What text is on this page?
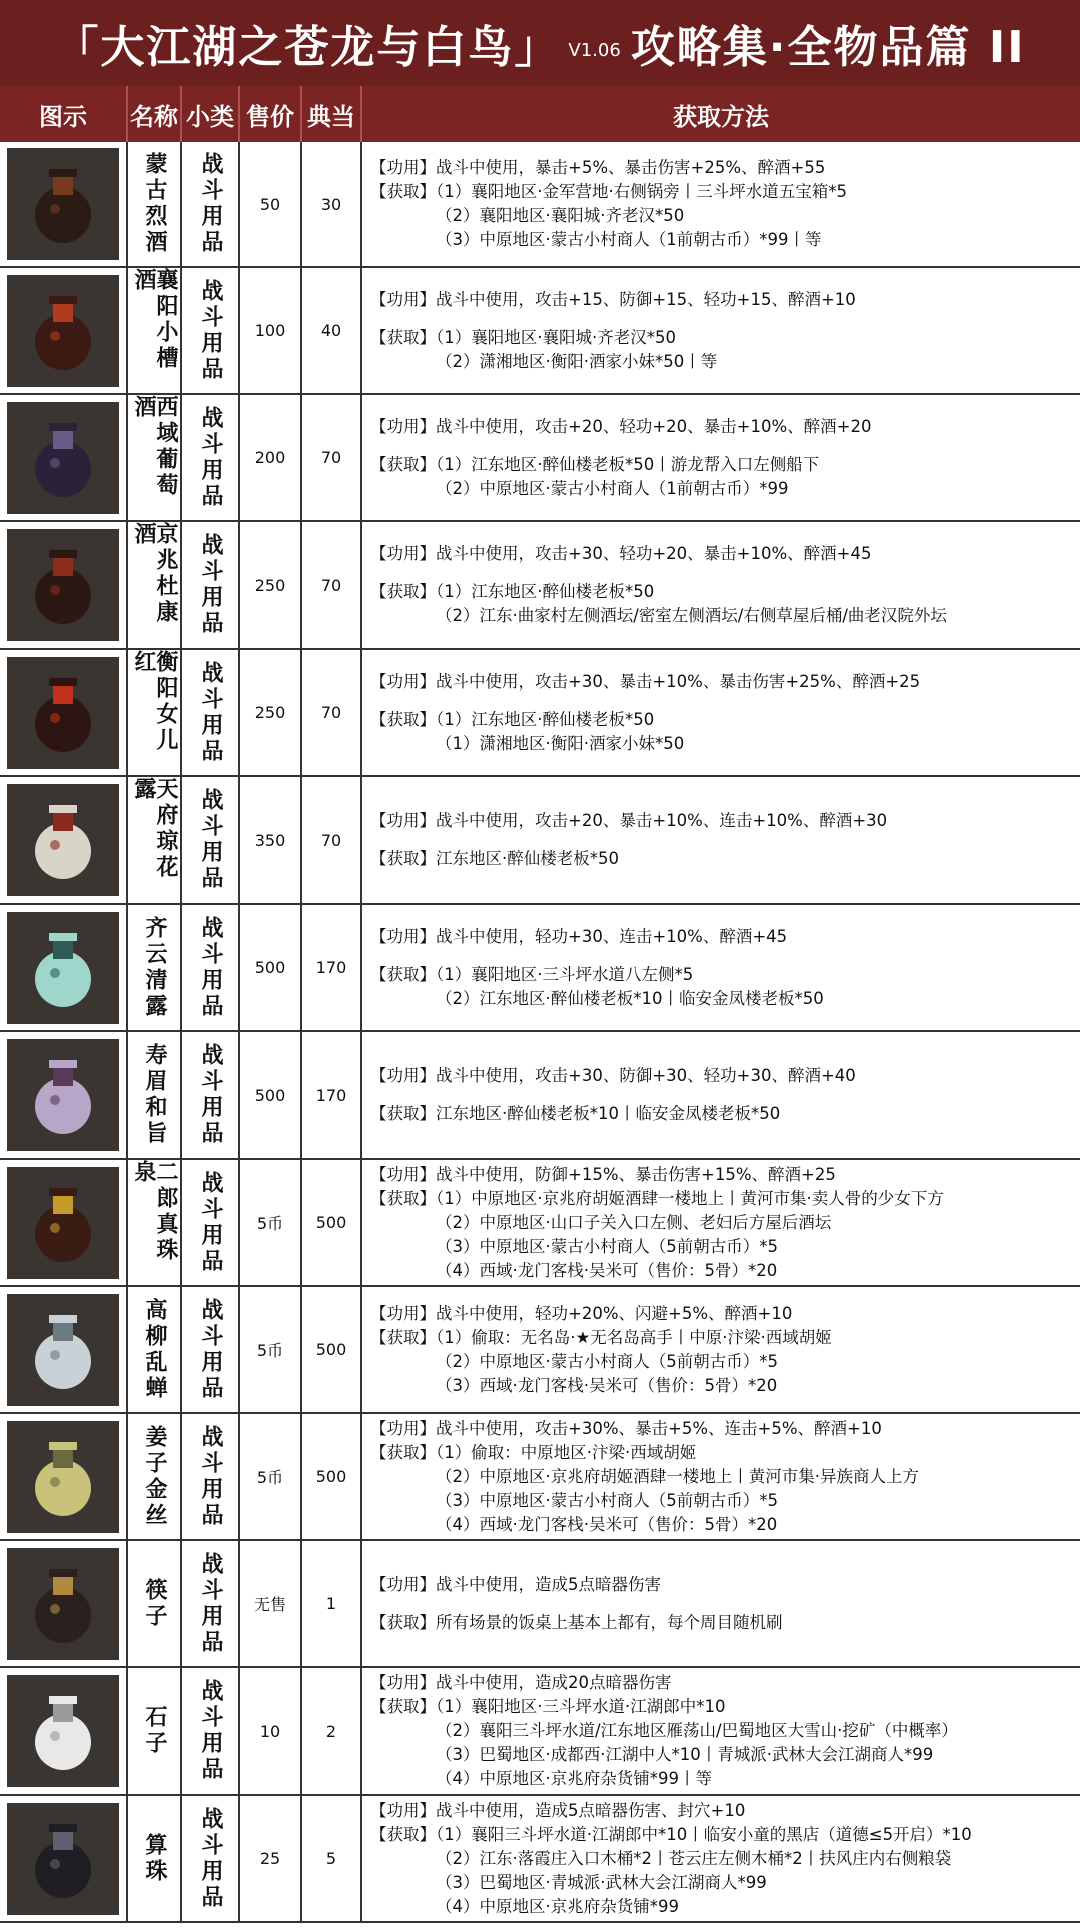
「大江湖之苍龙与白鸟」 V1.06 攻略集·全物品篇 II
图示	名称 小类 售价 典当	获取方法
蒙古烈酒 战斗用品	50	30
【功用】战斗中使用，暴击+5%、暴击伤害+25%、醉酒+55
【获取】（1）襄阳地区·金军营地·右侧锅旁丨三斗坪水道五宝箱*5
（2）襄阳地区·襄阳城·齐老汉*50
（3）中原地区·蒙古小村商人（1前朝古币）*99丨等
襄阳小槽酒	战斗用品	100	40
【功用】战斗中使用，攻击+15、防御+15、轻功+15、醉酒+10
【获取】（1）襄阳地区·襄阳城·齐老汉*50
（2）潇湘地区·衡阳·酒家小妹*50丨等
西域葡萄酒	战斗用品	200	70
【功用】战斗中使用，攻击+20、轻功+20、暴击+10%、醉酒+20
【获取】（1）江东地区·醉仙楼老板*50丨游龙帮入口左侧船下
（2）中原地区·蒙古小村商人（1前朝古币）*99
京兆杜康酒	战斗用品	250	70
【功用】战斗中使用，攻击+30、轻功+20、暴击+10%、醉酒+45
【获取】（1）江东地区·醉仙楼老板*50
（2）江东·曲家村左侧酒坛/密室左侧酒坛/右侧草屋后桶/曲老汉院外坛
衡阳女儿红	战斗用品	250	70
【功用】战斗中使用，攻击+30、暴击+10%、暴击伤害+25%、醉酒+25
【获取】（1）江东地区·醉仙楼老板*50
（1）潇湘地区·衡阳·酒家小妹*50
天府琼花露	战斗用品	350	70
【功用】战斗中使用，攻击+20、暴击+10%、连击+10%、醉酒+30
【获取】江东地区·醉仙楼老板*50
齐云清露 战斗用品	500	170
【功用】战斗中使用，轻功+30、连击+10%、醉酒+45
【获取】（1）襄阳地区·三斗坪水道八左侧*5
（2）江东地区·醉仙楼老板*10丨临安金凤楼老板*50
寿眉和旨 战斗用品	500	170
【功用】战斗中使用，攻击+30、防御+30、轻功+30、醉酒+40
【获取】江东地区·醉仙楼老板*10丨临安金凤楼老板*50
二郎真珠泉	战斗用品	5币	500
【功用】战斗中使用，防御+15%、暴击伤害+15%、醉酒+25
【获取】（1）中原地区·京兆府胡姬酒肆一楼地上丨黄河市集·卖人骨的少女下方
（2）中原地区·山口子关入口左侧、老妇后方屋后酒坛
（3）中原地区·蒙古小村商人（5前朝古币）*5
（4）西域·龙门客栈·吴米可（售价：5骨）*20
高柳乱蝉 战斗用品	5币	500
【功用】战斗中使用，轻功+20%、闪避+5%、醉酒+10
【获取】（1）偷取：无名岛·★无名岛高手丨中原·汴梁·西域胡姬
（2）中原地区·蒙古小村商人（5前朝古币）*5
（3）西域·龙门客栈·吴米可（售价：5骨）*20
姜子金丝 战斗用品	5币	500
【功用】战斗中使用，攻击+30%、暴击+5%、连击+5%、醉酒+10
【获取】（1）偷取：中原地区·汴梁·西域胡姬
（2）中原地区·京兆府胡姬酒肆一楼地上丨黄河市集·异族商人上方
（3）中原地区·蒙古小村商人（5前朝古币）*5
（4）西域·龙门客栈·吴米可（售价：5骨）*20
筷子 战斗用品	无售	1
【功用】战斗中使用，造成5点暗器伤害
【获取】所有场景的饭桌上基本上都有，每个周目随机刷
石子 战斗用品	10	2
【功用】战斗中使用，造成20点暗器伤害
【获取】（1）襄阳地区·三斗坪水道·江湖郎中*10
（2）襄阳三斗坪水道/江东地区雁荡山/巴蜀地区大雪山·挖矿（中概率）
（3）巴蜀地区·成都西·江湖中人*10丨青城派·武林大会江湖商人*99
（4）中原地区·京兆府杂货铺*99丨等
算珠 战斗用品	25	5
【功用】战斗中使用，造成5点暗器伤害、封穴+10
【获取】（1）襄阳三斗坪水道·江湖郎中*10丨临安小童的黑店（道德≤5开启）*10
（2）江东·落霞庄入口木桶*2丨苍云庄左侧木桶*2丨扶风庄内右侧粮袋
（3）巴蜀地区·青城派·武林大会江湖商人*99
（4）中原地区·京兆府杂货铺*99
